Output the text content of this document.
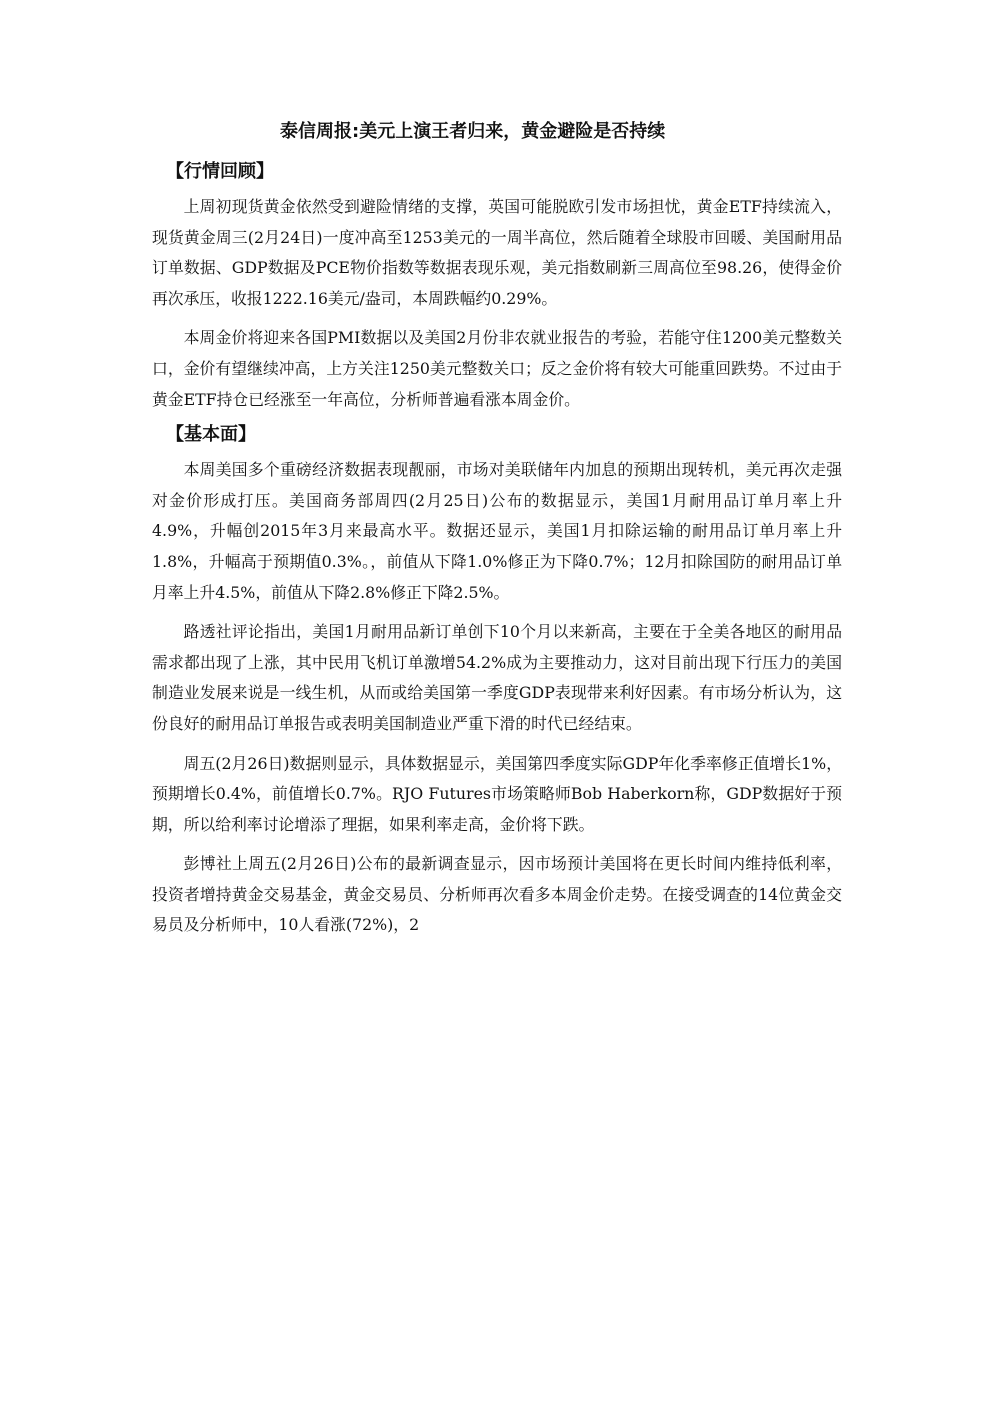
泰信周报:美元上演王者归来，黄金避险是否持续
【行情回顾】

上周初现货黄金依然受到避险情绪的支撑，英国可能脱欧引发市场担忧，黄金ETF持续流入，现货黄金周三(2月24日)一度冲高至1253美元的一周半高位，然后随着全球股市回暖、美国耐用品订单数据、GDP数据及PCE物价指数等数据表现乐观，美元指数刷新三周高位至98.26，使得金价再次承压，收报1222.16美元/盎司，本周跌幅约0.29%。

本周金价将迎来各国PMI数据以及美国2月份非农就业报告的考验，若能守住1200美元整数关口，金价有望继续冲高，上方关注1250美元整数关口；反之金价将有较大可能重回跌势。不过由于黄金ETF持仓已经涨至一年高位，分析师普遍看涨本周金价。

【基本面】

本周美国多个重磅经济数据表现靓丽，市场对美联储年内加息的预期出现转机，美元再次走强对金价形成打压。美国商务部周四(2月25日)公布的数据显示，美国1月耐用品订单月率上升4.9%，升幅创2015年3月来最高水平。数据还显示，美国1月扣除运输的耐用品订单月率上升1.8%，升幅高于预期值0.3%。，前值从下降1.0%修正为下降0.7%；12月扣除国防的耐用品订单月率上升4.5%，前值从下降2.8%修正下降2.5%。

路透社评论指出，美国1月耐用品新订单创下10个月以来新高，主要在于全美各地区的耐用品需求都出现了上涨，其中民用飞机订单激增54.2%成为主要推动力，这对目前出现下行压力的美国制造业发展来说是一线生机，从而或给美国第一季度GDP表现带来利好因素。有市场分析认为，这份良好的耐用品订单报告或表明美国制造业严重下滑的时代已经结束。

周五(2月26日)数据则显示，具体数据显示，美国第四季度实际GDP年化季率修正值增长1%，预期增长0.4%，前值增长0.7%。RJO Futures市场策略师Bob Haberkorn称，GDP数据好于预期，所以给利率讨论增添了理据，如果利率走高，金价将下跌。

彭博社上周五(2月26日)公布的最新调查显示，因市场预计美国将在更长时间内维持低利率，投资者增持黄金交易基金，黄金交易员、分析师再次看多本周金价走势。在接受调查的14位黄金交易员及分析师中，10人看涨(72%)，2
